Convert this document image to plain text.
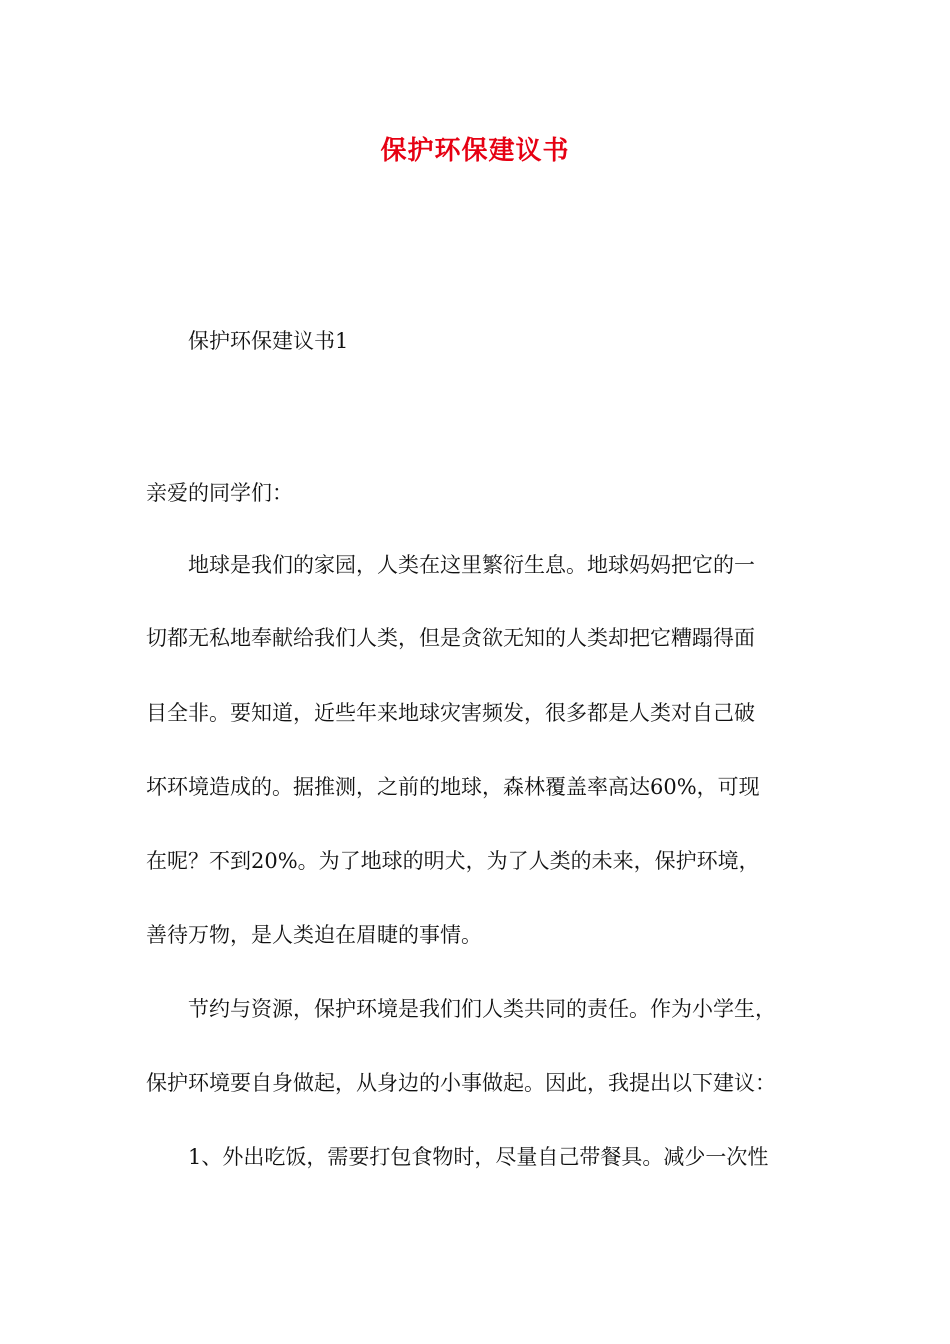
保护环保建议书
保护环保建议书1
亲爱的同学们：
地球是我们的家园，人类在这里繁衍生息。地球妈妈把它的一
切都无私地奉献给我们人类，但是贪欲无知的人类却把它糟蹋得面
目全非。要知道，近些年来地球灾害频发，很多都是人类对自己破
坏环境造成的。据推测，之前的地球，森林覆盖率高达60%，可现
在呢？不到20%。为了地球的明犬，为了人类的未来，保护环境，
善待万物，是人类迫在眉睫的事情。
节约与资源，保护环境是我们们人类共同的责任。作为小学生，
保护环境要自身做起，从身边的小事做起。因此，我提出以下建议：
1、外出吃饭，需要打包食物时，尽量自己带餐具。减少一次性
